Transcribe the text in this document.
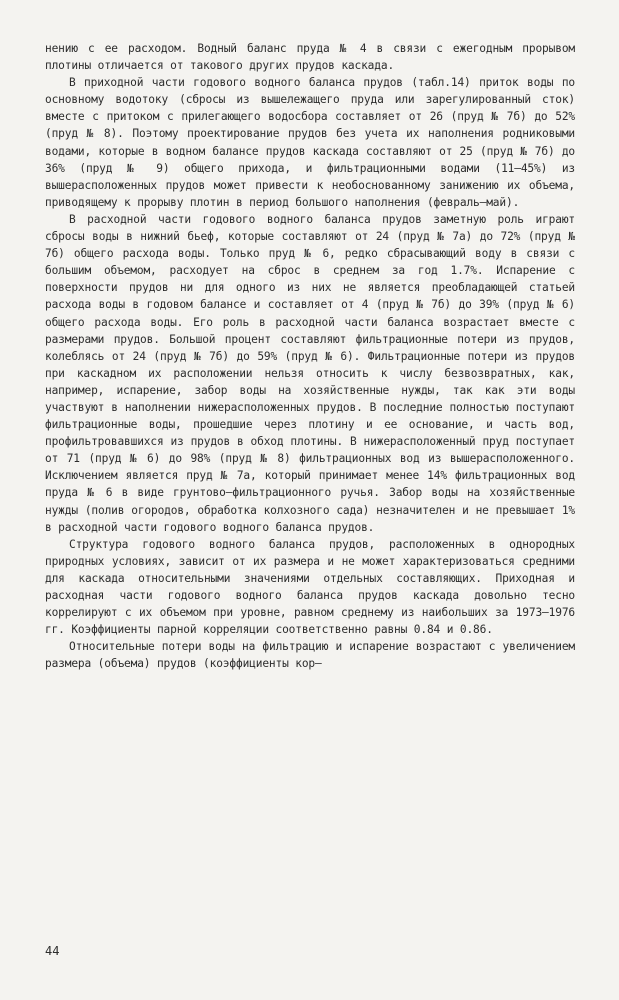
нению с ее расходом. Водный баланс пруда № 4 в связи с ежегодным прорывом плотины отличается от такового других прудов каскада.

В приходной части годового водного баланса прудов (табл.14) приток воды по основному водотоку (сбросы из вышележащего пруда или зарегулированный сток) вместе с притоком с прилегающего водосбора составляет от 26 (пруд № 7б) до 52% (пруд № 8). Поэтому проектирование прудов без учета их наполнения родниковыми водами, которые в водном балансе прудов каскада составляют от 25 (пруд № 7б) до 36% (пруд № 9) общего прихода, и фильтрационными водами (11–45%) из вышерасположенных прудов может привести к необоснованному занижению их объема, приводящему к прорыву плотин в период большого наполнения (февраль–май).

В расходной части годового водного баланса прудов заметную роль играют сбросы воды в нижний бьеф, которые составляют от 24 (пруд № 7а) до 72% (пруд № 7б) общего расхода воды. Только пруд № 6, редко сбрасывающий воду в связи с большим объемом, расходует на сброс в среднем за год 1.7%. Испарение с поверхности прудов ни для одного из них не является преобладающей статьей расхода воды в годовом балансе и составляет от 4 (пруд № 7б) до 39% (пруд № 6) общего расхода воды. Его роль в расходной части баланса возрастает вместе с размерами прудов. Большой процент составляют фильтрационные потери из прудов, колеблясь от 24 (пруд № 7б) до 59% (пруд № 6). Фильтрационные потери из прудов при каскадном их расположении нельзя относить к числу безвозвратных, как, например, испарение, забор воды на хозяйственные нужды, так как эти воды участвуют в наполнении нижерасположенных прудов. В последние полностью поступают фильтрационные воды, прошедшие через плотину и ее основание, и часть вод, профильтровавшихся из прудов в обход плотины. В нижерасположенный пруд поступает от 71 (пруд № 6) до 98% (пруд № 8) фильтрационных вод из вышерасположенного. Исключением является пруд № 7а, который принимает менее 14% фильтрационных вод пруда № 6 в виде грунтово–фильтрационного ручья. Забор воды на хозяйственные нужды (полив огородов, обработка колхозного сада) незначителен и не превышает 1% в расходной части годового водного баланса прудов.

Структура годового водного баланса прудов, расположенных в однородных природных условиях, зависит от их размера и не может характеризоваться средними для каскада относительными значениями отдельных составляющих. Приходная и расходная части годового водного баланса прудов каскада довольно тесно коррелируют с их объемом при уровне, равном среднему из наибольших за 1973–1976 гг. Коэффициенты парной корреляции соответственно равны 0.84 и 0.86.

Относительные потери воды на фильтрацию и испарение возрастают с увеличением размера (объема) прудов (коэффициенты кор–

44
